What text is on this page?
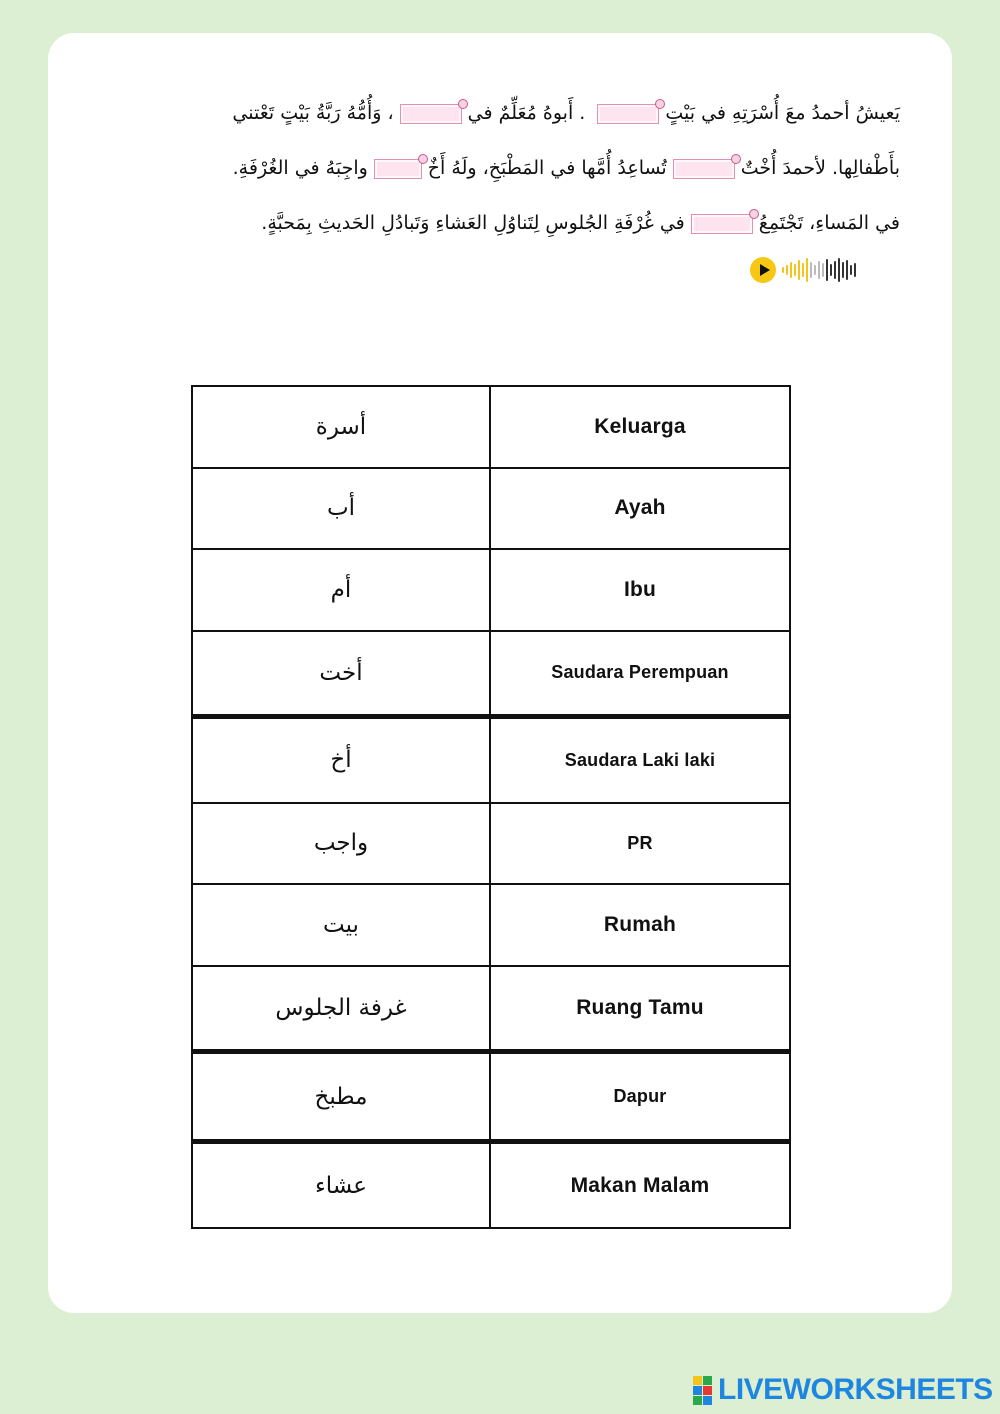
يَعيشُ أحمدُ معَ أُسْرَتِهِ في بَيْتٍ
. أَبوهُ مُعَلِّمٌ في
، وَأُمُّهُ رَبَّةُ بَيْتٍ تَعْتني
بأَطْفالِها. لأحمدَ أُخْتٌ
تُساعِدُ أُمَّها في المَطْبَخِ، ولَهُ أَخٌ
واجِبَهُ في الغُرْفَةِ.
في المَساءِ، تَجْتَمِعُ
في غُرْفَةِ الجُلوسِ لِتَناوُلِ العَشاءِ وَتَبادُلِ الحَديثِ بِمَحبَّةٍ.
أسرة	Keluarga
أب	Ayah
أم	Ibu
أخت	Saudara Perempuan
أخ	Saudara Laki laki
واجب	PR
بيت	Rumah
غرفة الجلوس	Ruang Tamu
مطبخ	Dapur
عشاء	Makan Malam
LIVEWORKSHEETS
